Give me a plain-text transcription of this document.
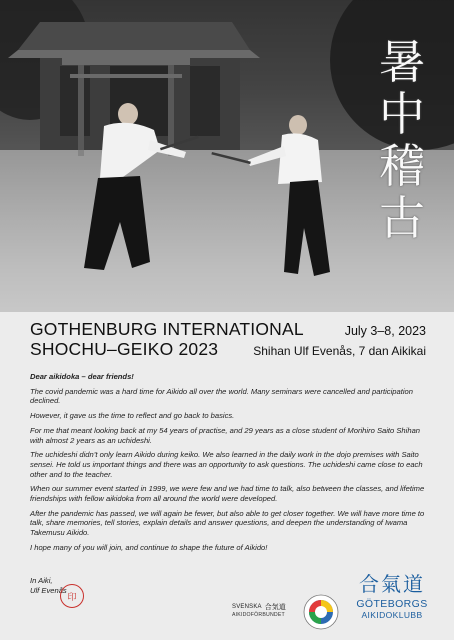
暑
中
稽
古
GOTHENBURG INTERNATIONAL
SHOCHU–GEIKO 2023
July 3–8, 2023
Shihan Ulf Evenås, 7 dan Aikikai

Dear aikidoka – dear friends!

The covid pandemic was a hard time for Aikido all over the world. Many seminars were cancelled and participation declined.

However, it gave us the time to reflect and go back to basics.

For me that meant looking back at my 54 years of practise, and 29 years as a close student of Morihiro Saito Shihan with almost 2 years as an uchideshi.

The uchideshi didn’t only learn Aikido during keiko. We also learned in the daily work in the dojo premises with Saito sensei. He told us important things and there was an opportunity to ask questions. The uchideshi came close to each other and to the teacher.

When our summer event started in 1999, we were few and we had time to talk, also between the classes, and lifetime friendships with fellow aikidoka from all around the world were developed.

After the pandemic has passed, we will again be fewer, but also able to get closer together. We will have more time to talk, share memories, tell stories, explain details and answer questions, and deepen the understanding of Iwama Takemusu Aikido.

I hope many of you will join, and continue to shape the future of Aikido!

In Aiki,
Ulf Evenås
印
SVENSKA 合気道
AIKIDOFÖRBUNDET
合氣道
GÖTEBORGS
AIKIDOKLUBB
